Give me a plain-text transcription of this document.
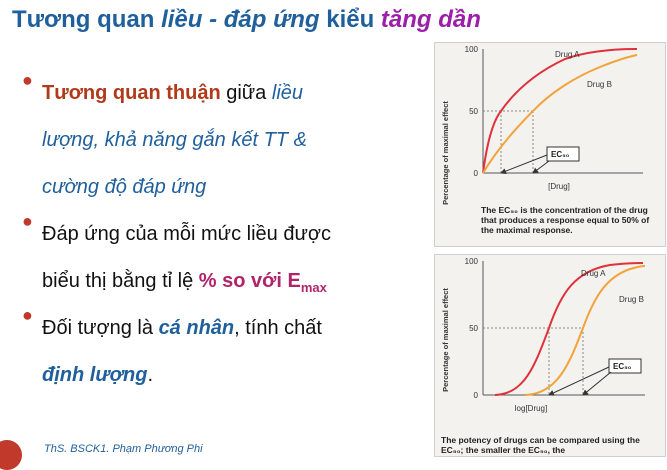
Tương quan liều - đáp ứng kiểu tăng dần
●
Tương quan thuận giữa liều
lượng, khả năng gắn kết TT &
cường độ đáp ứng
●
Đáp ứng của mỗi mức liều được
biểu thị bằng tỉ lệ % so với $E_{max}$
●
Đối tượng là cá nhân, tính chất
định lượng.
ThS. BSCK1. Phạm Phương Phi
Percentage of maximal effect
100
50
0
Drug A
Drug B
EC₅₀
[Drug]
The EC₅₀ is the concentration of the drug that produces a response equal to 50% of the maximal response.
Percentage of maximal effect
100
50
0
Drug A
Drug B
EC₅₀
log[Drug]
The potency of drugs can be compared using the EC₅₀; the smaller the EC₅₀, the
